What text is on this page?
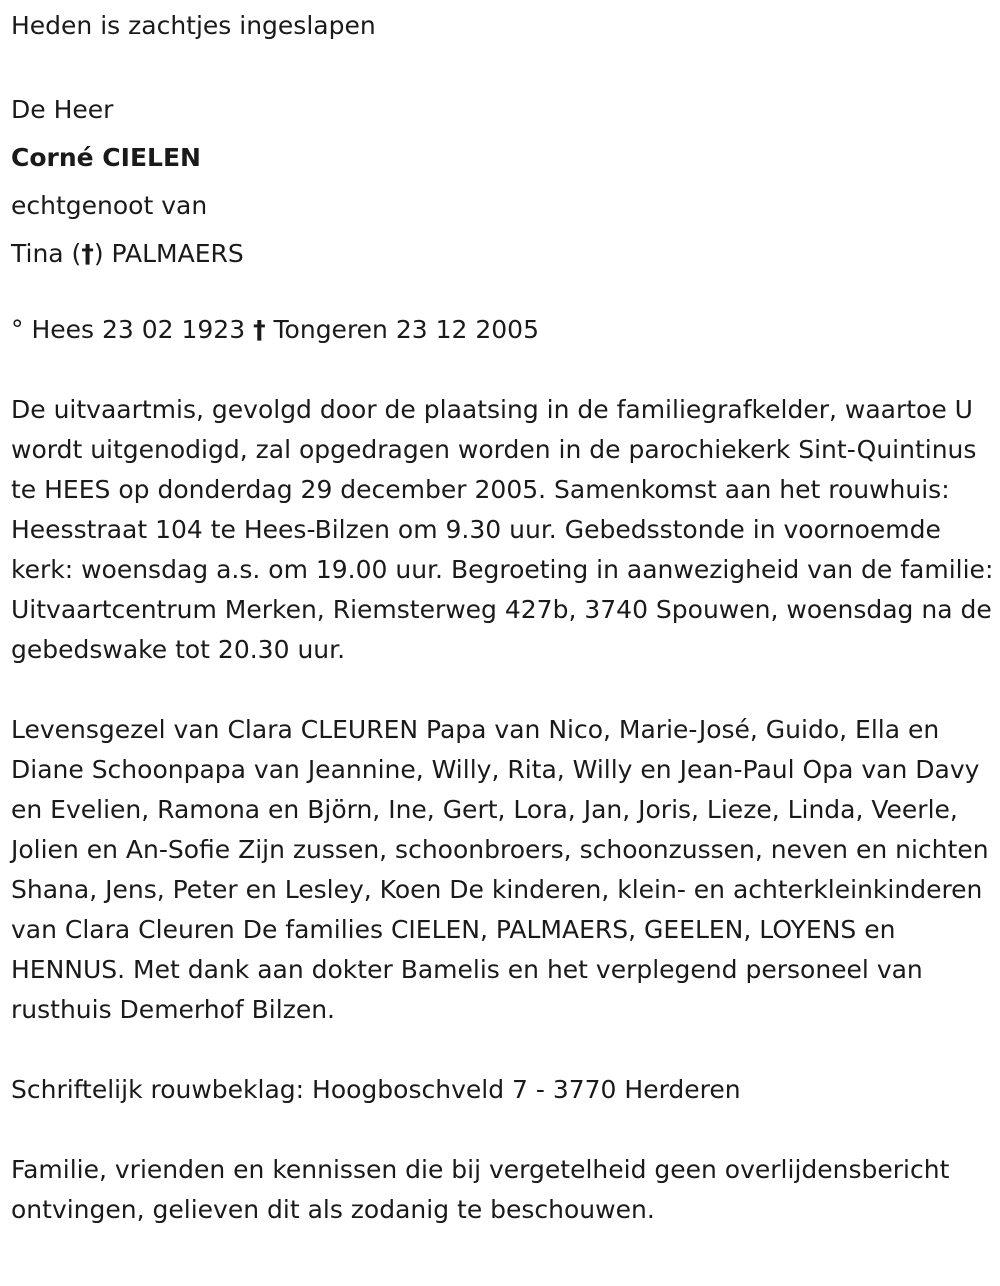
Heden is zachtjes ingeslapen

De Heer

Corné CIELEN

echtgenoot van

Tina (†) PALMAERS

° Hees 23 02 1923 † Tongeren 23 12 2005

De uitvaartmis, gevolgd door de plaatsing in de familiegrafkelder, waartoe U wordt uitgenodigd, zal opgedragen worden in de parochiekerk Sint-Quintinus te HEES op donderdag 29 december 2005. Samenkomst aan het rouwhuis: Heesstraat 104 te Hees-Bilzen om 9.30 uur. Gebedsstonde in voornoemde kerk: woensdag a.s. om 19.00 uur. Begroeting in aanwezigheid van de familie: Uitvaartcentrum Merken, Riemsterweg 427b, 3740 Spouwen, woensdag na de gebedswake tot 20.30 uur.

Levensgezel van Clara CLEUREN Papa van Nico, Marie-José, Guido, Ella en Diane Schoonpapa van Jeannine, Willy, Rita, Willy en Jean-Paul Opa van Davy en Evelien, Ramona en Björn, Ine, Gert, Lora, Jan, Joris, Lieze, Linda, Veerle, Jolien en An-Sofie Zijn zussen, schoonbroers, schoonzussen, neven en nichten Shana, Jens, Peter en Lesley, Koen De kinderen, klein- en achterkleinkinderen van Clara Cleuren De families CIELEN, PALMAERS, GEELEN, LOYENS en HENNUS. Met dank aan dokter Bamelis en het verplegend personeel van rusthuis Demerhof Bilzen.

Schriftelijk rouwbeklag: Hoogboschveld 7 - 3770 Herderen

Familie, vrienden en kennissen die bij vergetelheid geen overlijdensbericht ontvingen, gelieven dit als zodanig te beschouwen.
